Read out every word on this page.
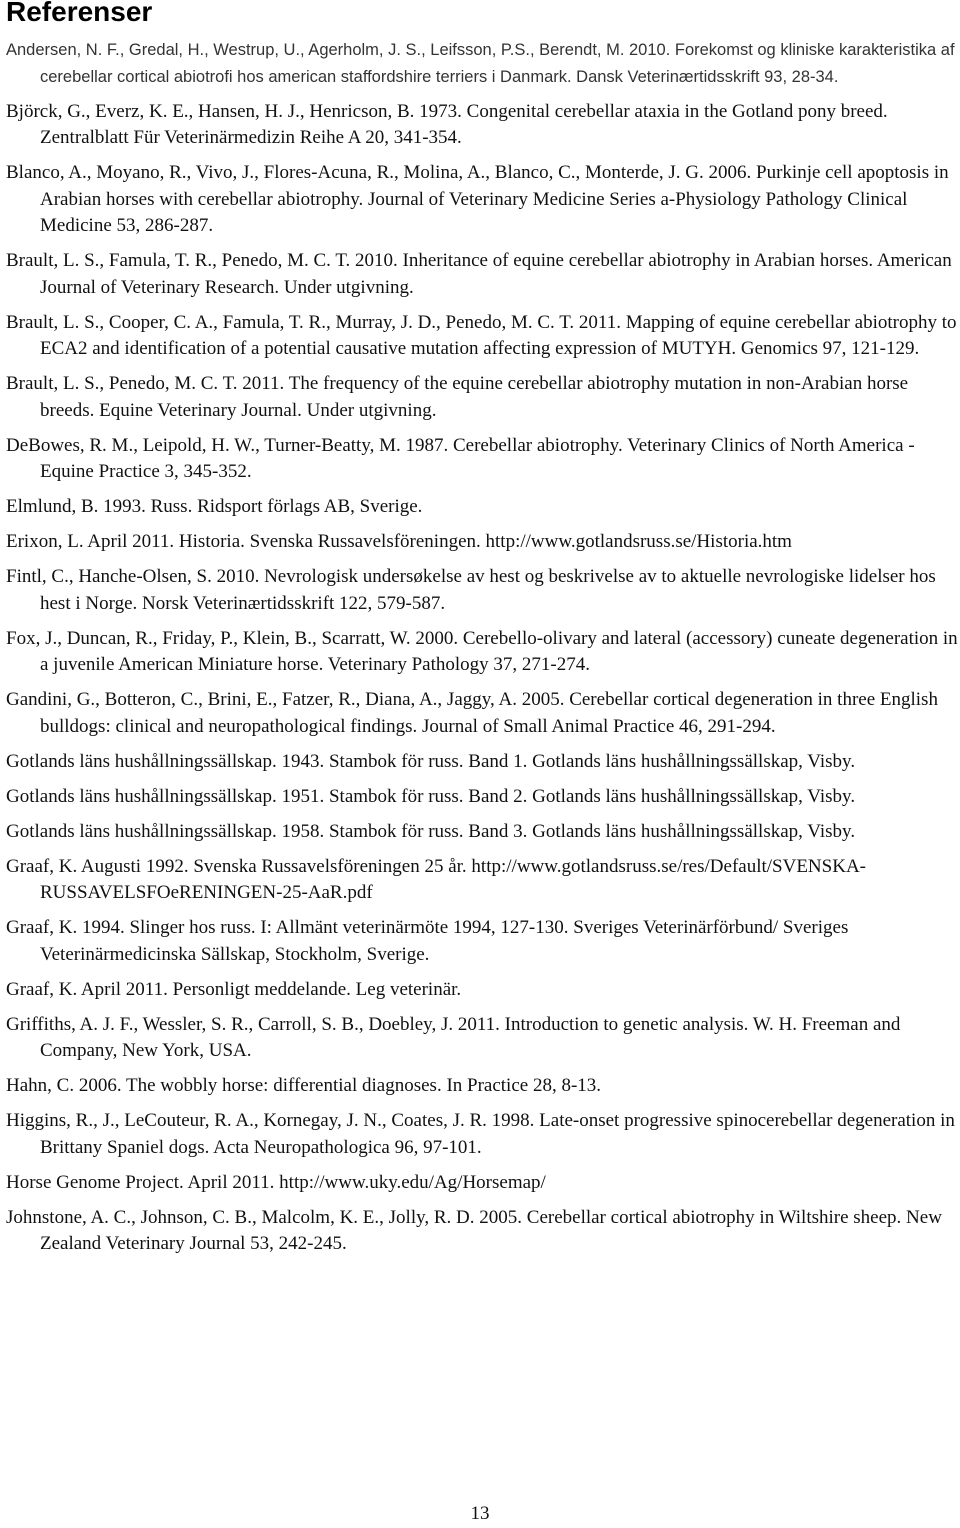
Referenser
Andersen, N. F., Gredal, H., Westrup, U., Agerholm, J. S., Leifsson, P.S., Berendt, M. 2010. Forekomst og kliniske karakteristika af cerebellar cortical abiotrofi hos american staffordshire terriers i Danmark. Dansk Veterinærtidsskrift 93, 28-34.
Björck, G., Everz, K. E., Hansen, H. J., Henricson, B. 1973. Congenital cerebellar ataxia in the Gotland pony breed. Zentralblatt Für Veterinärmedizin Reihe A 20, 341-354.
Blanco, A., Moyano, R., Vivo, J., Flores-Acuna, R., Molina, A., Blanco, C., Monterde, J. G. 2006. Purkinje cell apoptosis in Arabian horses with cerebellar abiotrophy. Journal of Veterinary Medicine Series a-Physiology Pathology Clinical Medicine 53, 286-287.
Brault, L. S., Famula, T. R., Penedo, M. C. T. 2010. Inheritance of equine cerebellar abiotrophy in Arabian horses. American Journal of Veterinary Research. Under utgivning.
Brault, L. S., Cooper, C. A., Famula, T. R., Murray, J. D., Penedo, M. C. T. 2011. Mapping of equine cerebellar abiotrophy to ECA2 and identification of a potential causative mutation affecting expression of MUTYH. Genomics 97, 121-129.
Brault, L. S., Penedo, M. C. T. 2011. The frequency of the equine cerebellar abiotrophy mutation in non-Arabian horse breeds. Equine Veterinary Journal. Under utgivning.
DeBowes, R. M., Leipold, H. W., Turner-Beatty, M. 1987. Cerebellar abiotrophy. Veterinary Clinics of North America - Equine Practice 3, 345-352.
Elmlund, B. 1993. Russ. Ridsport förlags AB, Sverige.
Erixon, L. April 2011. Historia. Svenska Russavelsföreningen. http://www.gotlandsruss.se/Historia.htm
Fintl, C., Hanche-Olsen, S. 2010. Nevrologisk undersøkelse av hest og beskrivelse av to aktuelle nevrologiske lidelser hos hest i Norge. Norsk Veterinærtidsskrift 122, 579-587.
Fox, J., Duncan, R., Friday, P., Klein, B., Scarratt, W. 2000. Cerebello-olivary and lateral (accessory) cuneate degeneration in a juvenile American Miniature horse. Veterinary Pathology 37, 271-274.
Gandini, G., Botteron, C., Brini, E., Fatzer, R., Diana, A., Jaggy, A. 2005. Cerebellar cortical degeneration in three English bulldogs: clinical and neuropathological findings. Journal of Small Animal Practice 46, 291-294.
Gotlands läns hushållningssällskap. 1943. Stambok för russ. Band 1. Gotlands läns hushållningssällskap, Visby.
Gotlands läns hushållningssällskap. 1951. Stambok för russ. Band 2. Gotlands läns hushållningssällskap, Visby.
Gotlands läns hushållningssällskap. 1958. Stambok för russ. Band 3. Gotlands läns hushållningssällskap, Visby.
Graaf, K. Augusti 1992. Svenska Russavelsföreningen 25 år. http://www.gotlandsruss.se/res/Default/SVENSKA-RUSSAVELSFOeRENINGEN-25-AaR.pdf
Graaf, K. 1994. Slinger hos russ. I: Allmänt veterinärmöte 1994, 127-130. Sveriges Veterinärförbund/ Sveriges Veterinärmedicinska Sällskap, Stockholm, Sverige.
Graaf, K. April 2011. Personligt meddelande. Leg veterinär.
Griffiths, A. J. F., Wessler, S. R., Carroll, S. B., Doebley, J. 2011. Introduction to genetic analysis. W. H. Freeman and Company, New York, USA.
Hahn, C. 2006. The wobbly horse: differential diagnoses. In Practice 28, 8-13.
Higgins, R., J., LeCouteur, R. A., Kornegay, J. N., Coates, J. R. 1998. Late-onset progressive spinocerebellar degeneration in Brittany Spaniel dogs. Acta Neuropathologica 96, 97-101.
Horse Genome Project. April 2011. http://www.uky.edu/Ag/Horsemap/
Johnstone, A. C., Johnson, C. B., Malcolm, K. E., Jolly, R. D. 2005. Cerebellar cortical abiotrophy in Wiltshire sheep. New Zealand Veterinary Journal 53, 242-245.
13
